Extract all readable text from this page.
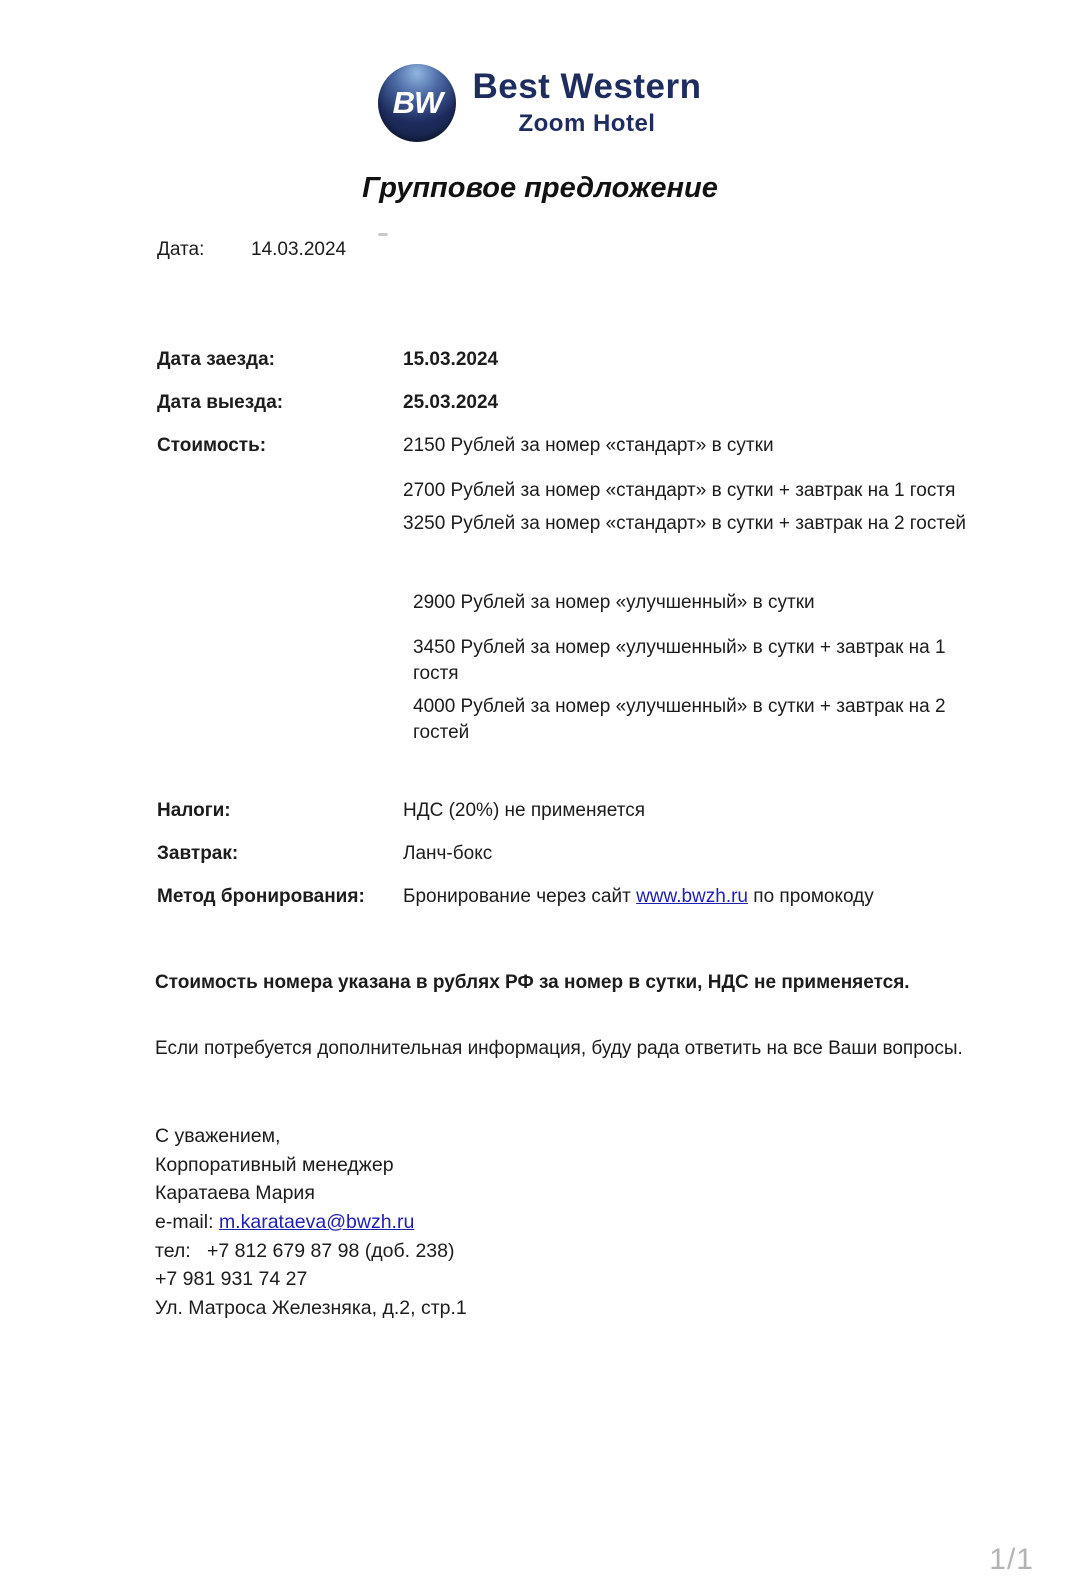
BW Best Western
Zoom Hotel
Групповое предложение
Дата:	14.03.2024
Дата заезда:	15.03.2024
Дата выезда:	25.03.2024
Стоимость:	2150 Рублей за номер «стандарт» в сутки
2700 Рублей за номер «стандарт» в сутки + завтрак на 1 гостя
3250 Рублей за номер «стандарт» в сутки + завтрак на 2 гостей
2900 Рублей за номер «улучшенный» в сутки
3450 Рублей за номер «улучшенный» в сутки + завтрак на 1 гостя
4000 Рублей за номер «улучшенный» в сутки + завтрак на 2 гостей
Налоги:	НДС (20%) не применяется
Завтрак:	Ланч-бокс
Метод бронирования:	Бронирование через сайт www.bwzh.ru по промокоду
Стоимость номера указана в рублях РФ за номер в сутки, НДС не применяется.
Если потребуется дополнительная информация, буду рада ответить на все Ваши вопросы.
С уважением,
Корпоративный менеджер
Каратаева Мария
e-mail: m.karataeva@bwzh.ru
тел:   +7 812 679 87 98 (доб. 238)
+7 981 931 74 27
Ул. Матроса Железняка, д.2, стр.1
1/1
